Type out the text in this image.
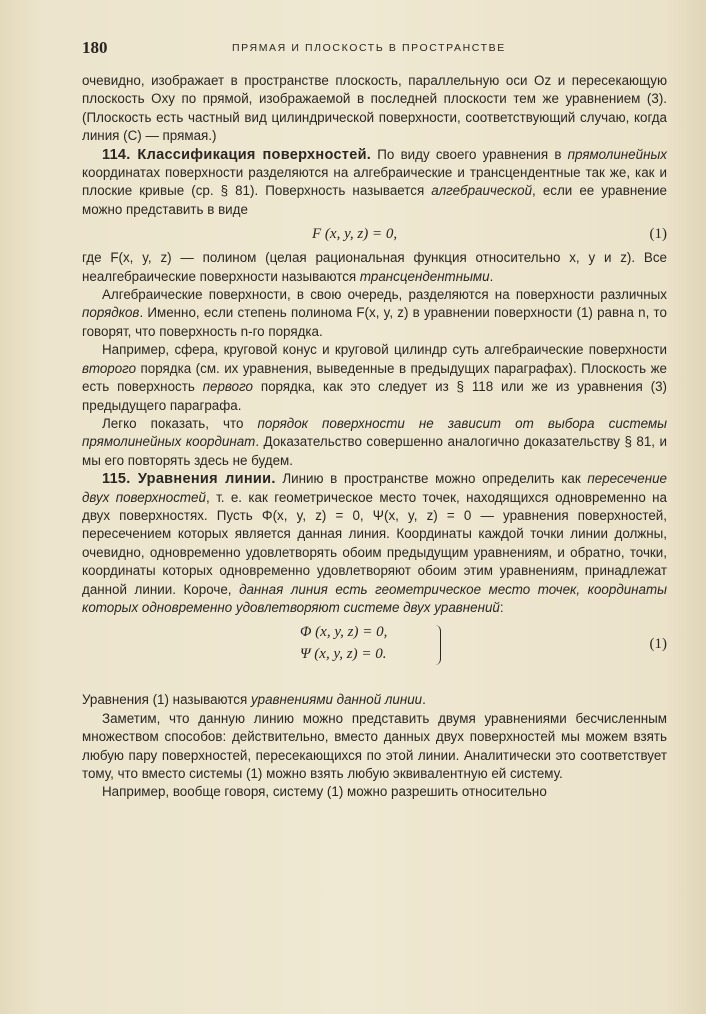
180	ПРЯМАЯ И ПЛОСКОСТЬ В ПРОСТРАНСТВЕ

очевидно, изображает в пространстве плоскость, параллельную оси Oz и пересекающую плоскость Oxy по прямой, изображаемой в последней плоскости тем же уравнением (3). (Плоскость есть частный вид цилиндрической поверхности, соответствующий случаю, когда линия (C) — прямая.)

114. Классификация поверхностей. По виду своего уравнения в прямолинейных координатах поверхности разделяются на алгебраические и трансцендентные так же, как и плоские кривые (ср. § 81). Поверхность называется алгебраической, если ее уравнение можно представить в виде

F (x, y, z) = 0,	(1)

где F(x, y, z) — полином (целая рациональная функция относительно x, y и z). Все неалгебраические поверхности называются трансцендентными.

Алгебраические поверхности, в свою очередь, разделяются на поверхности различных порядков. Именно, если степень полинома F(x, y, z) в уравнении поверхности (1) равна n, то говорят, что поверхность n-го порядка.

Например, сфера, круговой конус и круговой цилиндр суть алгебраические поверхности второго порядка (см. их уравнения, выведенные в предыдущих параграфах). Плоскость же есть поверхность первого порядка, как это следует из § 118 или же из уравнения (3) предыдущего параграфа.

Легко показать, что порядок поверхности не зависит от выбора системы прямолинейных координат. Доказательство совершенно аналогично доказательству § 81, и мы его повторять здесь не будем.

115. Уравнения линии. Линию в пространстве можно определить как пересечение двух поверхностей, т. е. как геометрическое место точек, находящихся одновременно на двух поверхностях. Пусть Φ(x, y, z) = 0, Ψ(x, y, z) = 0 — уравнения поверхностей, пересечением которых является данная линия. Координаты каждой точки линии должны, очевидно, одновременно удовлетворять обоим предыдущим уравнениям, и обратно, точки, координаты которых одновременно удовлетворяют обоим этим уравнениям, принадлежат данной линии. Короче, данная линия есть геометрическое место точек, координаты которых одновременно удовлетворяют системе двух уравнений:

Φ (x, y, z) = 0,
Ψ (x, y, z) = 0.
(1)

Уравнения (1) называются уравнениями данной линии.

Заметим, что данную линию можно представить двумя уравнениями бесчисленным множеством способов: действительно, вместо данных двух поверхностей мы можем взять любую пару поверхностей, пересекающихся по этой линии. Аналитически это соответствует тому, что вместо системы (1) можно взять любую эквивалентную ей систему.

Например, вообще говоря, систему (1) можно разрешить относительно
